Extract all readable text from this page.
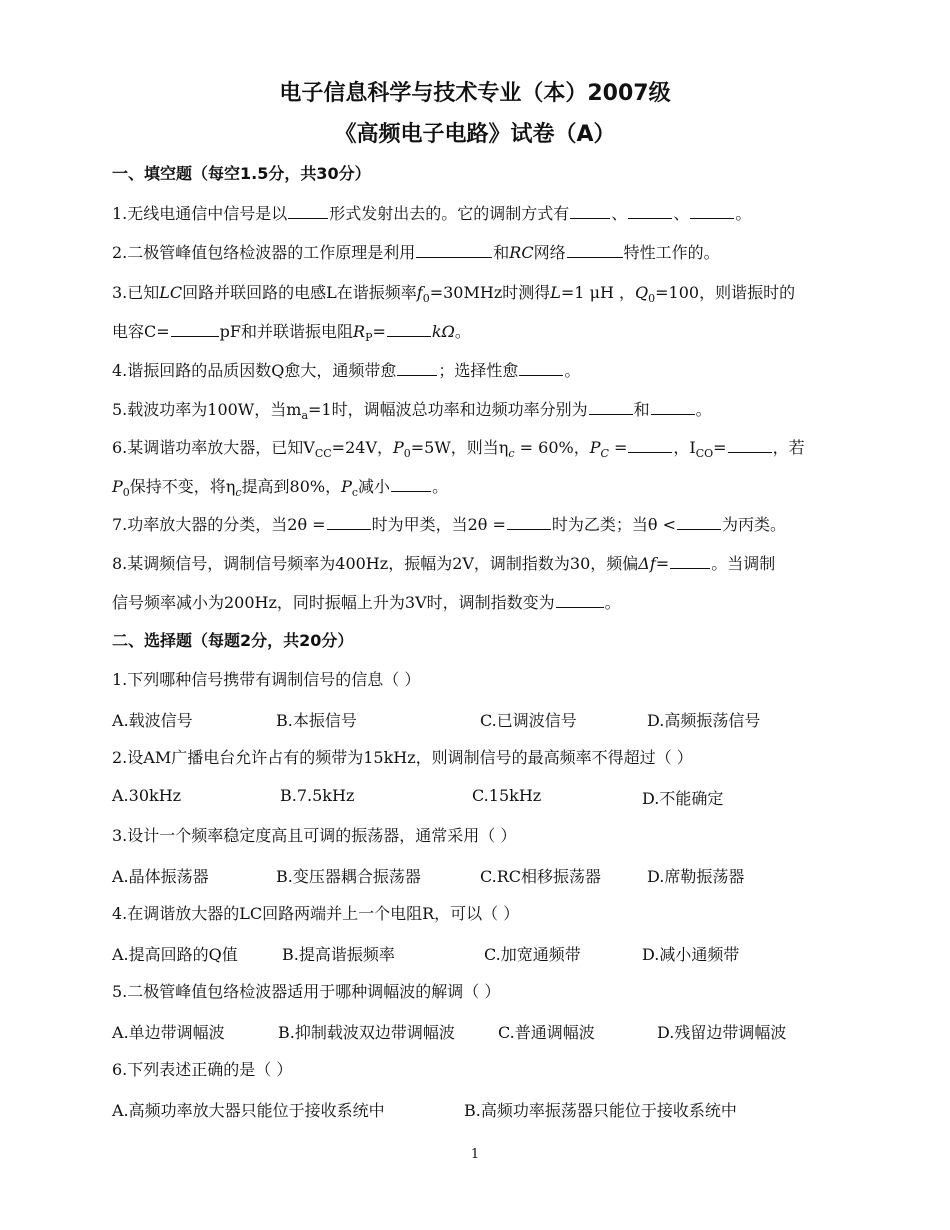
电子信息科学与技术专业（本）2007级
《高频电子电路》试卷（A）
一、填空题（每空1.5分，共30分）
1.无线电通信中信号是以	形式发射出去的。它的调制方式有	、	、	。
2.二极管峰值包络检波器的工作原理是利用	和RC网络	特性工作的。
3.已知LC回路并联回路的电感L在谐振频率$f_0=30MHz$时测得L=1 μH ，$Q_0=100$，则谐振时的
电容C=	pF和并联谐振电阻$R_P=$	kΩ。
4.谐振回路的品质因数Q愈大，通频带愈	；选择性愈	。
5.载波功率为100W，当$m_a=1$时，调幅波总功率和边频功率分别为	和	。
6.某调谐功率放大器，已知$V_{CC}=24V$，$P_0=5W$，则当$\eta_c = 60\%$，$P_C$ =	，$I_{CO}=$	，若
$P_0$保持不变，将$\eta_c$提高到80%，$P_c$减小	。
7.功率放大器的分类，当2θ =	时为甲类，当2θ =	时为乙类；当θ <	为丙类。
8.某调频信号，调制信号频率为400Hz，振幅为2V，调制指数为30，频偏Δf=	。当调制
信号频率减小为200Hz，同时振幅上升为3V时，调制指数变为	。
二、选择题（每题2分，共20分）
1.下列哪种信号携带有调制信号的信息（ ）
A.载波信号	B.本振信号	C.已调波信号	D.高频振荡信号
2.设AM广播电台允许占有的频带为15kHz，则调制信号的最高频率不得超过（ ）
A.30kHz	B.7.5kHz	C.15kHz	D.不能确定
3.设计一个频率稳定度高且可调的振荡器，通常采用（ ）
A.晶体振荡器	B.变压器耦合振荡器	C.RC相移振荡器	D.席勒振荡器
4.在调谐放大器的LC回路两端并上一个电阻R，可以（ ）
A.提高回路的Q值	B.提高谐振频率	C.加宽通频带	D.减小通频带
5.二极管峰值包络检波器适用于哪种调幅波的解调（ ）
A.单边带调幅波	B.抑制载波双边带调幅波	C.普通调幅波	D.残留边带调幅波
6.下列表述正确的是（ ）
A.高频功率放大器只能位于接收系统中	B.高频功率振荡器只能位于接收系统中
1
